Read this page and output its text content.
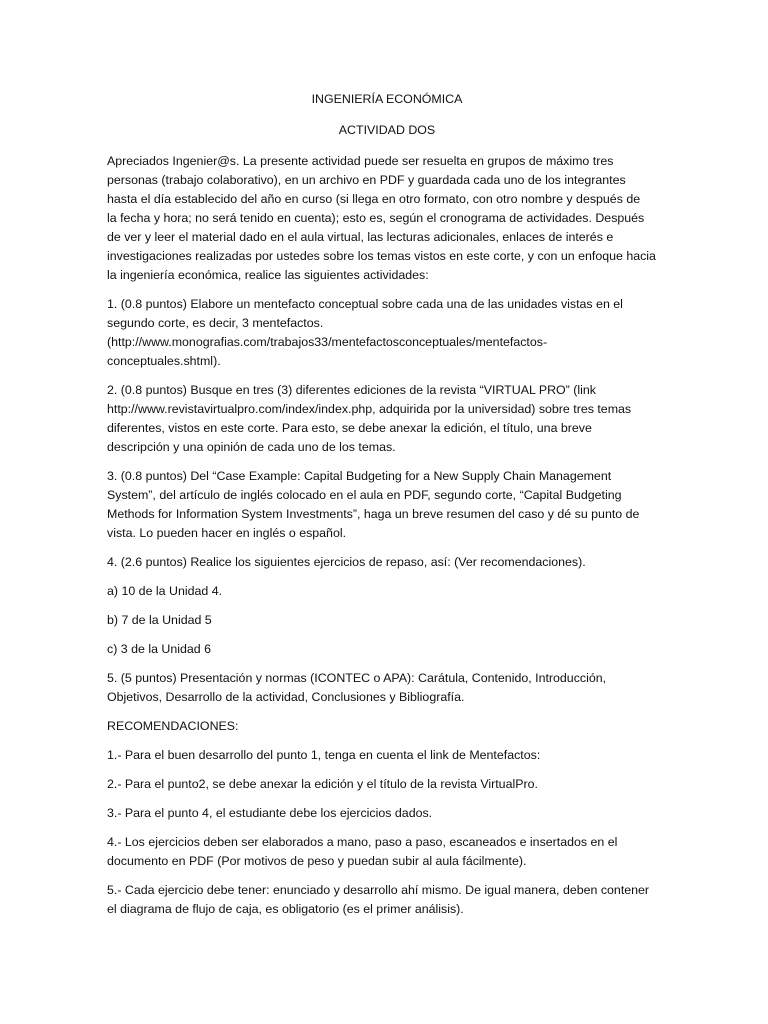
INGENIERÍA ECONÓMICA

ACTIVIDAD DOS

Apreciados Ingenier@s. La presente actividad puede ser resuelta en grupos de máximo tres
personas (trabajo colaborativo), en un archivo en PDF y guardada cada uno de los integrantes
hasta el día establecido del año en curso (si llega en otro formato, con otro nombre y después de
la fecha y hora; no será tenido en cuenta); esto es, según el cronograma de actividades. Después
de ver y leer el material dado en el aula virtual, las lecturas adicionales, enlaces de interés e
investigaciones realizadas por ustedes sobre los temas vistos en este corte, y con un enfoque hacia
la ingeniería económica, realice las siguientes actividades:

1. (0.8 puntos) Elabore un mentefacto conceptual sobre cada una de las unidades vistas en el
segundo corte, es decir, 3 mentefactos.
(http://www.monografias.com/trabajos33/mentefactosconceptuales/mentefactos-
conceptuales.shtml).

2. (0.8 puntos) Busque en tres (3) diferentes ediciones de la revista “VIRTUAL PRO” (link
http://www.revistavirtualpro.com/index/index.php, adquirida por la universidad) sobre tres temas
diferentes, vistos en este corte. Para esto, se debe anexar la edición, el título, una breve
descripción y una opinión de cada uno de los temas.

3. (0.8 puntos) Del “Case Example: Capital Budgeting for a New Supply Chain Management
System”, del artículo de inglés colocado en el aula en PDF, segundo corte, “Capital Budgeting
Methods for Information System Investments”, haga un breve resumen del caso y dé su punto de
vista. Lo pueden hacer en inglés o español.

4. (2.6 puntos) Realice los siguientes ejercicios de repaso, así: (Ver recomendaciones).

a) 10 de la Unidad 4.

b) 7 de la Unidad 5

c) 3 de la Unidad 6

5. (5 puntos) Presentación y normas (ICONTEC o APA): Carátula, Contenido, Introducción,
Objetivos, Desarrollo de la actividad, Conclusiones y Bibliografía.

RECOMENDACIONES:

1.- Para el buen desarrollo del punto 1, tenga en cuenta el link de Mentefactos:

2.- Para el punto2, se debe anexar la edición y el título de la revista VirtualPro.

3.- Para el punto 4, el estudiante debe los ejercicios dados.

4.- Los ejercicios deben ser elaborados a mano, paso a paso, escaneados e insertados en el
documento en PDF (Por motivos de peso y puedan subir al aula fácilmente).

5.- Cada ejercicio debe tener: enunciado y desarrollo ahí mismo. De igual manera, deben contener
el diagrama de flujo de caja, es obligatorio (es el primer análisis).
